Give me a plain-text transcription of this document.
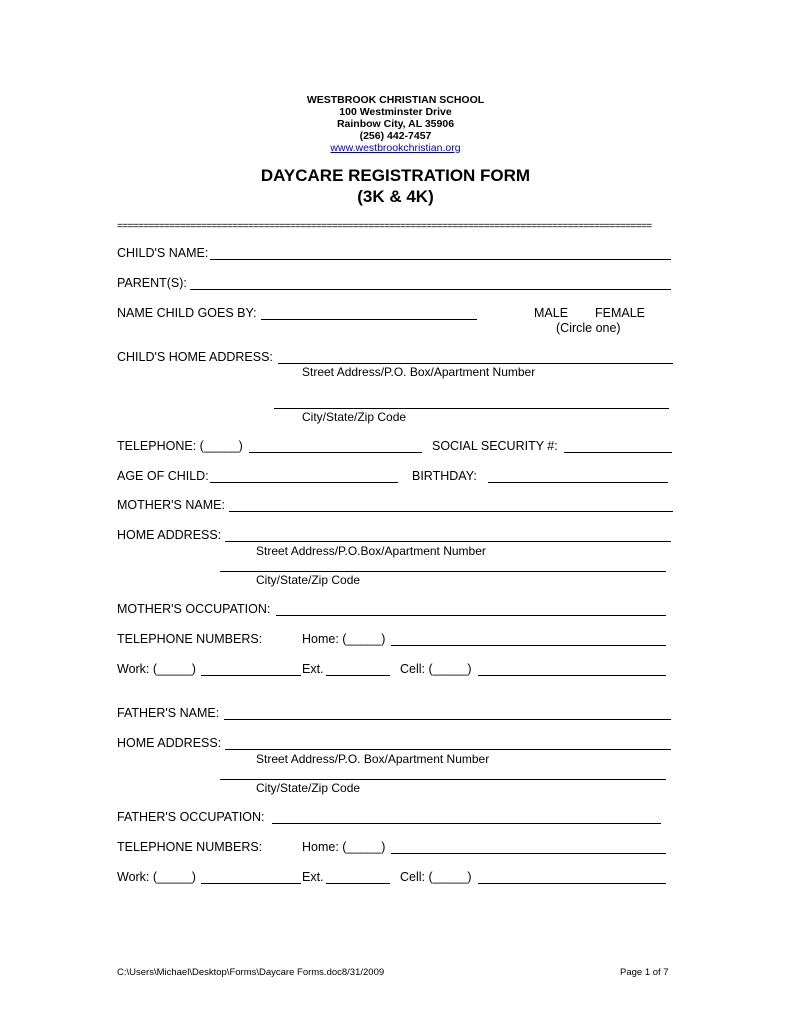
WESTBROOK CHRISTIAN SCHOOL
100 Westminster Drive
Rainbow City, AL 35906
(256) 442-7457
www.westbrookchristian.org
DAYCARE REGISTRATION FORM
(3K & 4K)
======================================================================================================
CHILD'S NAME:
PARENT(S):
NAME CHILD GOES BY:	MALE FEMALE
(Circle one)
CHILD'S HOME ADDRESS:
Street Address/P.O. Box/Apartment Number
City/State/Zip Code
TELEPHONE: (_____)	SOCIAL SECURITY #:
AGE OF CHILD:	BIRTHDAY:
MOTHER'S NAME:
HOME ADDRESS:
Street Address/P.O.Box/Apartment Number
City/State/Zip Code
MOTHER'S OCCUPATION:
TELEPHONE NUMBERS:	Home: (_____)
Work: (_____)	Ext.	Cell: (_____)
FATHER'S NAME:
HOME ADDRESS:
Street Address/P.O. Box/Apartment Number
City/State/Zip Code
FATHER'S OCCUPATION:
TELEPHONE NUMBERS:	Home: (_____)
Work: (_____)	Ext.	Cell: (_____)
C:\Users\Michael\Desktop\Forms\Daycare Forms.doc8/31/2009	Page 1 of 7
